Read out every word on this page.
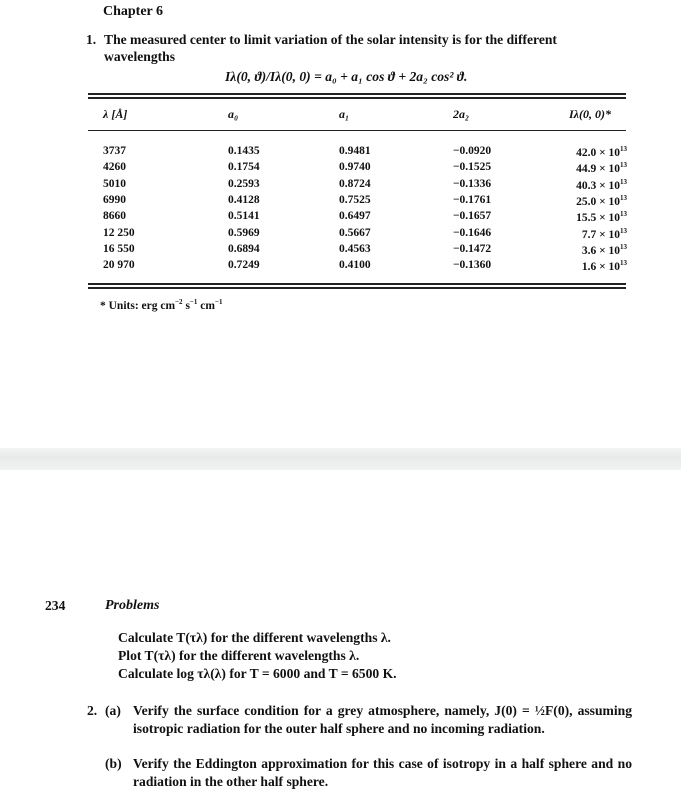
Chapter 6
1. The measured center to limit variation of the solar intensity is for the different
wavelengths
Iλ(0, ϑ)/Iλ(0, 0) = a₀ + a₁ cos ϑ + 2a₂ cos² ϑ.
λ [Å]	a₀	a₁	2a₂	Iλ(0, 0)*
3737	0.1435	0.9481	−0.0920	$42.0 \times 10^{13}$
4260	0.1754	0.9740	−0.1525	$44.9 \times 10^{13}$
5010	0.2593	0.8724	−0.1336	$40.3 \times 10^{13}$
6990	0.4128	0.7525	−0.1761	$25.0 \times 10^{13}$
8660	0.5141	0.6497	−0.1657	$15.5 \times 10^{13}$
12 250	0.5969	0.5667	−0.1646	$7.7 \times 10^{13}$
16 550	0.6894	0.4563	−0.1472	$3.6 \times 10^{13}$
20 970	0.7249	0.4100	−0.1360	$1.6 \times 10^{13}$
* Units: erg $cm^{-2}$ $s^{-1}$ $cm^{-1}$
234	Problems
Calculate T(τλ) for the different wavelengths λ.
Plot T(τλ) for the different wavelengths λ.
Calculate log τλ(λ) for T = 6000 and T = 6500 K.
2. (a) Verify the surface condition for a grey atmosphere, namely, J(0) = ½F(0), assuming isotropic radiation for the outer half sphere and no incoming radiation.
(b) Verify the Eddington approximation for this case of isotropy in a half sphere and no radiation in the other half sphere.
